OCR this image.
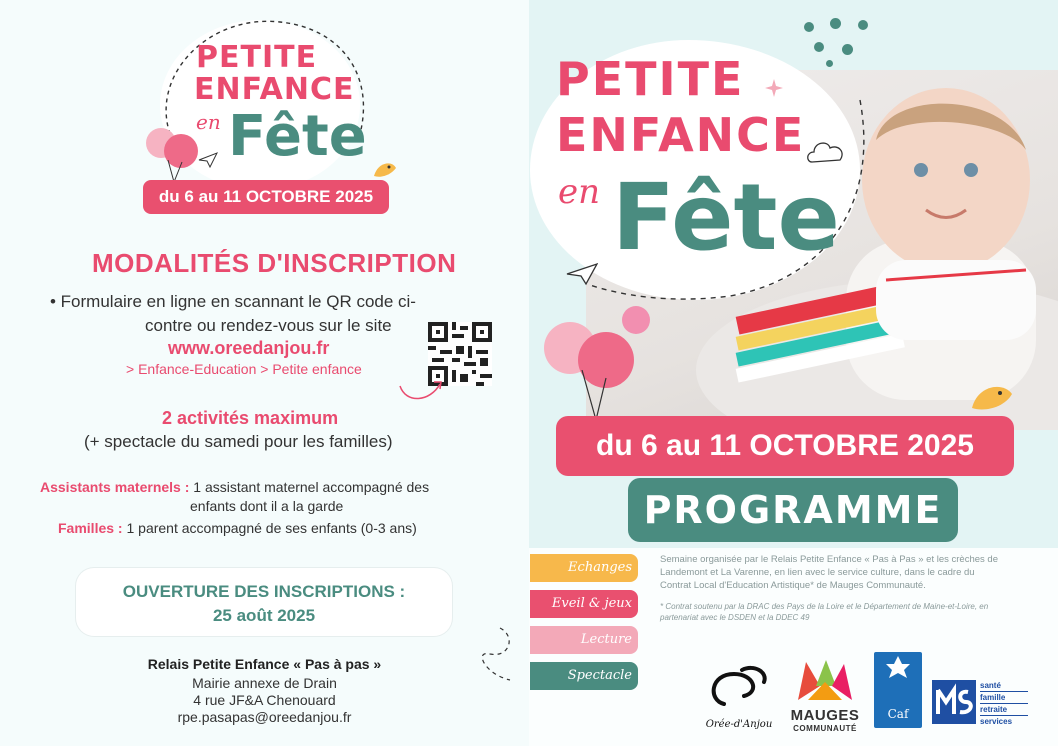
PETITE
ENFANCE
en Fête
du 6 au 11 OCTOBRE 2025
MODALITÉS D'INSCRIPTION
• Formulaire en ligne en scannant le QR code ci-
contre ou rendez-vous sur le site
www.oreedanjou.fr
> Enfance-Education > Petite enfance
2 activités maximum
(+ spectacle du samedi pour les familles)
Assistants maternels : 1 assistant maternel accompagné des
enfants dont il a la garde
Familles : 1 parent accompagné de ses enfants (0-3 ans)
OUVERTURE DES INSCRIPTIONS :
25 août 2025
Relais Petite Enfance « Pas à pas »
Mairie annexe de Drain
4 rue JF&A Chenouard
rpe.pasapas@oreedanjou.fr
PETITE
ENFANCE
en Fête
du 6 au 11 OCTOBRE 2025
PROGRAMME
Echanges
Eveil & jeux
Lecture
Spectacle
Semaine organisée par le Relais Petite Enfance « Pas à Pas » et les crèches de
Landemont et La Varenne, en lien avec le service culture, dans le cadre du
Contrat Local d'Education Artistique* de Mauges Communauté.
* Contrat soutenu par la DRAC des Pays de la Loire et le Département de Maine-et-Loire, en
partenariat avec le DSDEN et la DDEC 49
Orée-d'Anjou
MAUGES
COMMUNAUTÉ
Caf
santé
famille
retraite
services
